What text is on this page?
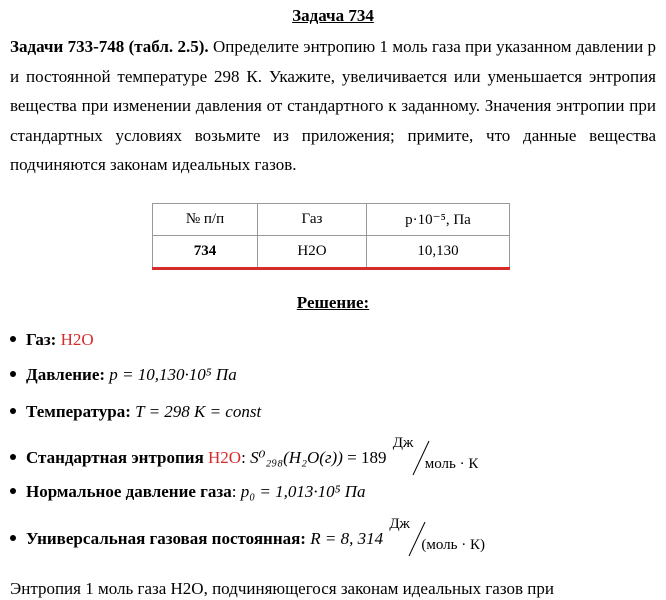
Задача 734
Задачи 733-748 (табл. 2.5). Определите энтропию 1 моль газа при указанном давлении р и постоянной температуре 298 К. Укажите, увеличивается или уменьшается энтропия вещества при изменении давления от стандартного к заданному. Значения энтропии при стандартных условиях возьмите из приложения; примите, что данные вещества подчиняются законам идеальных газов.
№ п/п	Газ	p·10⁻⁵, Па
734	H2O	10,130
Решение:
Газ: H2O
Давление: p = 10,130·10⁵ Па
Температура: T = 298 К = const
Стандартная энтропия H2O: S⁰₂₉₈(H₂O(г)) = 189
Дж
моль · К
Нормальное давление газа: p₀ = 1,013·10⁵ Па
Универсальная газовая постоянная: R = 8, 314
Дж
(моль · К)
Энтропия 1 моль газа H2O, подчиняющегося законам идеальных газов при
